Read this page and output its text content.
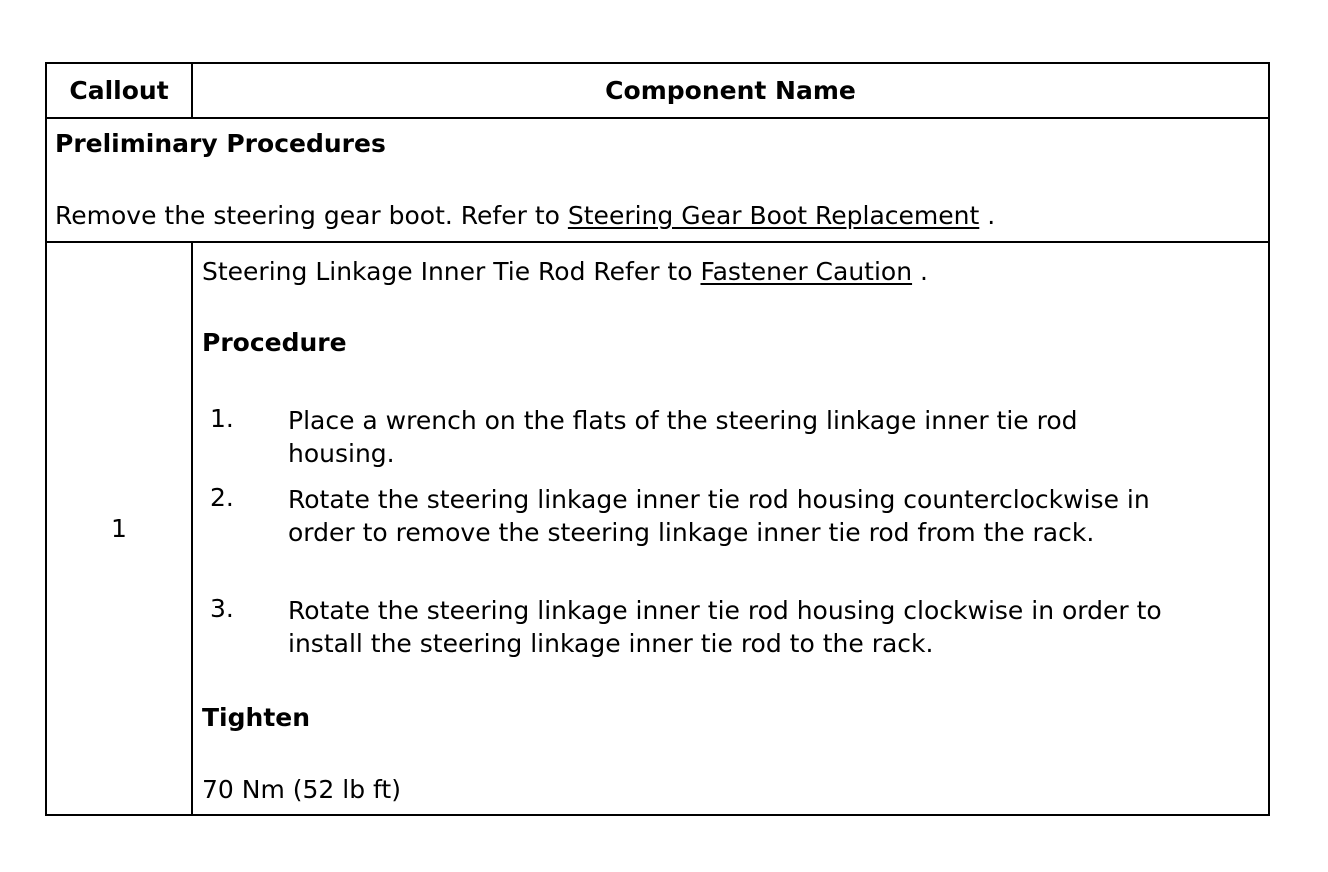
Callout	Component Name
Preliminary Procedures
Remove the steering gear boot. Refer to Steering Gear Boot Replacement .
1
Steering Linkage Inner Tie Rod Refer to Fastener Caution .
Procedure
1. Place a wrench on the flats of the steering linkage inner tie rod housing.
2. Rotate the steering linkage inner tie rod housing counterclockwise in order to remove the steering linkage inner tie rod from the rack.
3. Rotate the steering linkage inner tie rod housing clockwise in order to install the steering linkage inner tie rod to the rack.
Tighten
70 Nm (52 lb ft)
